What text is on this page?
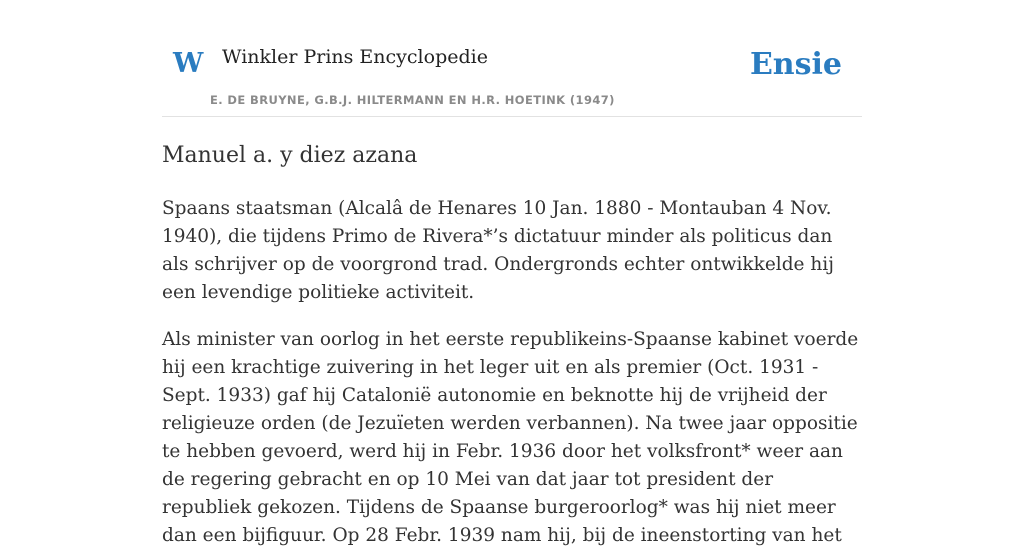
W Winkler Prins Encyclopedie
E. DE BRUYNE, G.B.J. HILTERMANN EN H.R. HOETINK (1947)
Ensie
Manuel a. y diez azana

Spaans staatsman (Alcalâ de Henares 10 Jan. 1880 - Montauban 4 Nov. 1940), die tijdens Primo de Rivera*’s dictatuur minder als politicus dan als schrijver op de voorgrond trad. Ondergronds echter ontwikkelde hij een levendige politieke activiteit.

Als minister van oorlog in het eerste republikeins-Spaanse kabinet voerde hij een krachtige zuivering in het leger uit en als premier (Oct. 1931 - Sept. 1933) gaf hij Catalonië autonomie en beknotte hij de vrijheid der religieuze orden (de Jezuïeten werden verbannen). Na twee jaar oppositie te hebben gevoerd, werd hij in Febr. 1936 door het volksfront* weer aan de regering gebracht en op 10 Mei van dat jaar tot president der republiek gekozen. Tijdens de Spaanse burgeroorlog* was hij niet meer dan een bijfiguur. Op 28 Febr. 1939 nam hij, bij de ineenstorting van het
